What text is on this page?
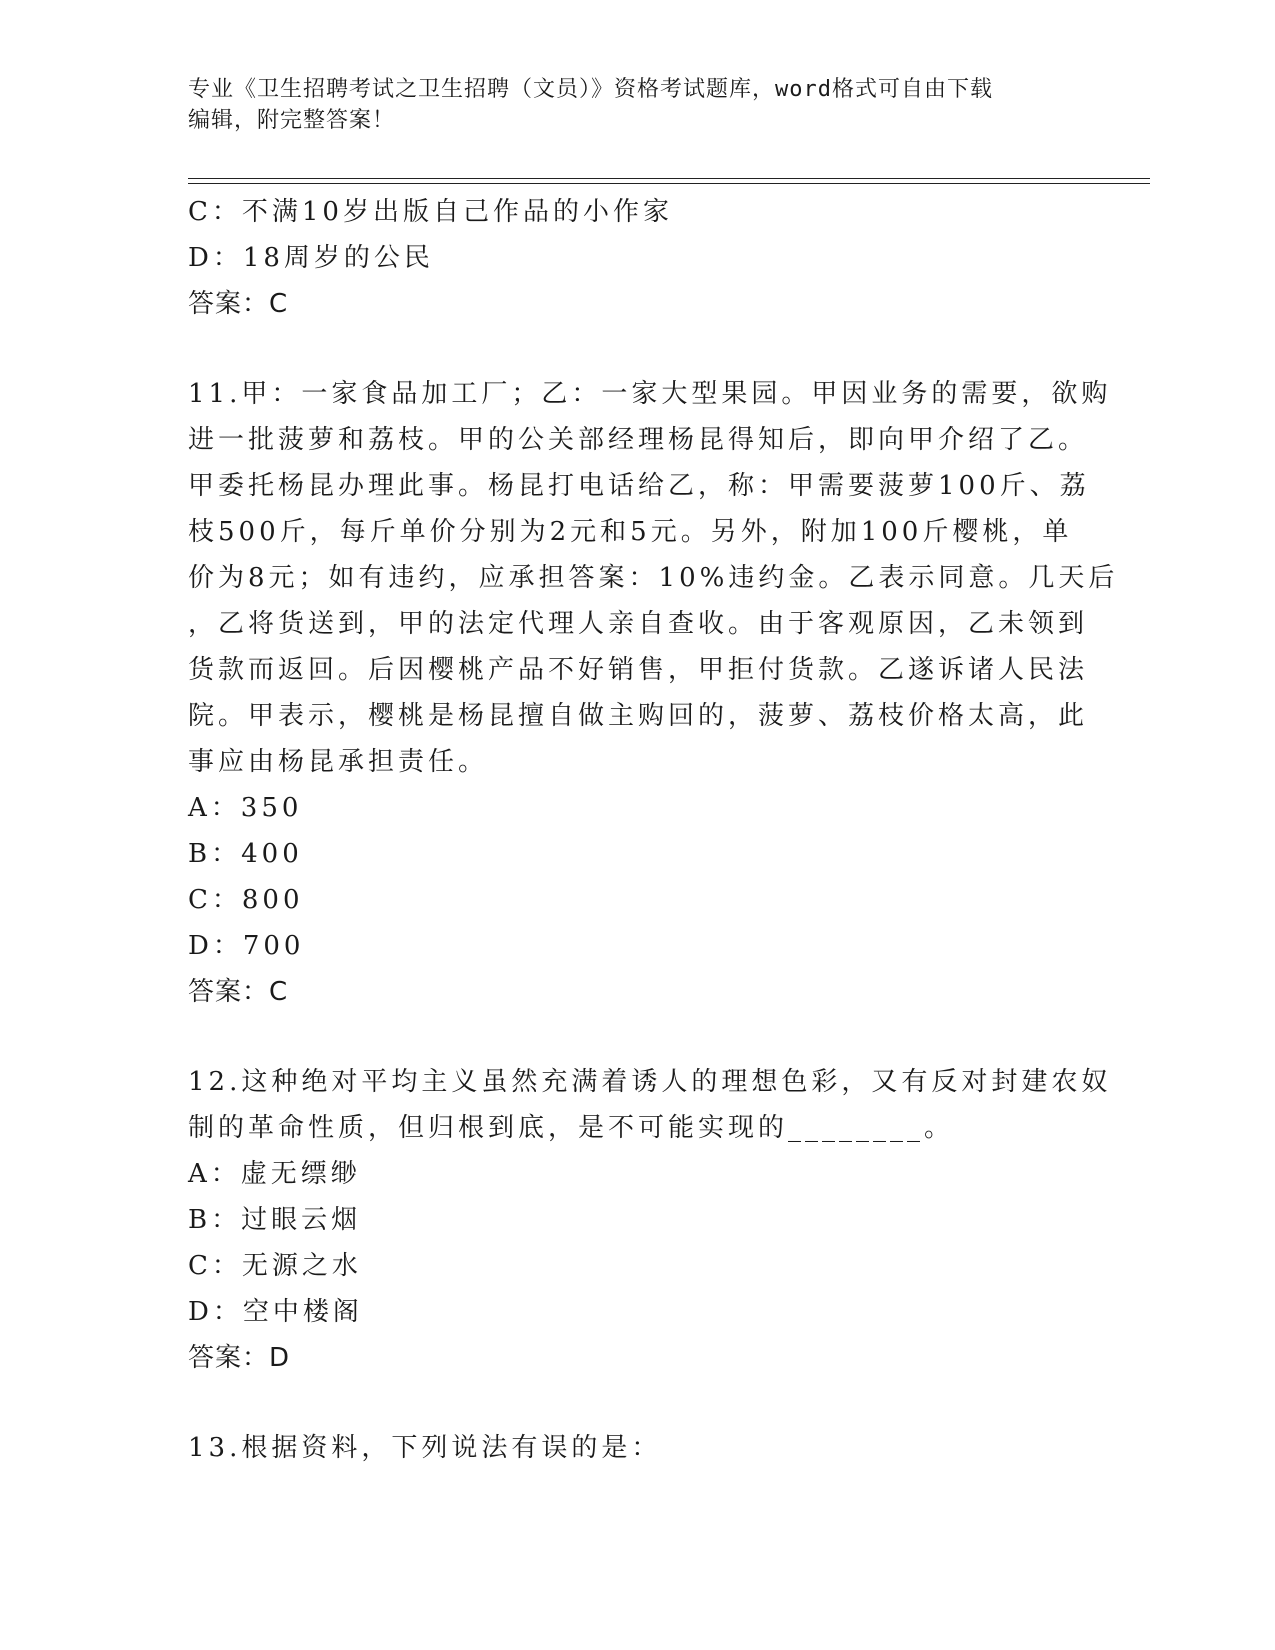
专业《卫生招聘考试之卫生招聘（文员）》资格考试题库，word格式可自由下载
编辑，附完整答案！
C：不满10岁出版自己作品的小作家
D：18周岁的公民
答案：C
11.甲：一家食品加工厂；乙：一家大型果园。甲因业务的需要，欲购
进一批菠萝和荔枝。甲的公关部经理杨昆得知后，即向甲介绍了乙。
甲委托杨昆办理此事。杨昆打电话给乙，称：甲需要菠萝100斤、荔
枝500斤，每斤单价分别为2元和5元。另外，附加100斤樱桃，单
价为8元；如有违约，应承担答案：10%违约金。乙表示同意。几天后
，乙将货送到，甲的法定代理人亲自查收。由于客观原因，乙未领到
货款而返回。后因樱桃产品不好销售，甲拒付货款。乙遂诉诸人民法
院。甲表示，樱桃是杨昆擅自做主购回的，菠萝、荔枝价格太高，此
事应由杨昆承担责任。
A：350
B：400
C：800
D：700
答案：C
12.这种绝对平均主义虽然充满着诱人的理想色彩，又有反对封建农奴
制的革命性质，但归根到底，是不可能实现的________。
A：虚无缥缈
B：过眼云烟
C：无源之水
D：空中楼阁
答案：D
13.根据资料，下列说法有误的是：
